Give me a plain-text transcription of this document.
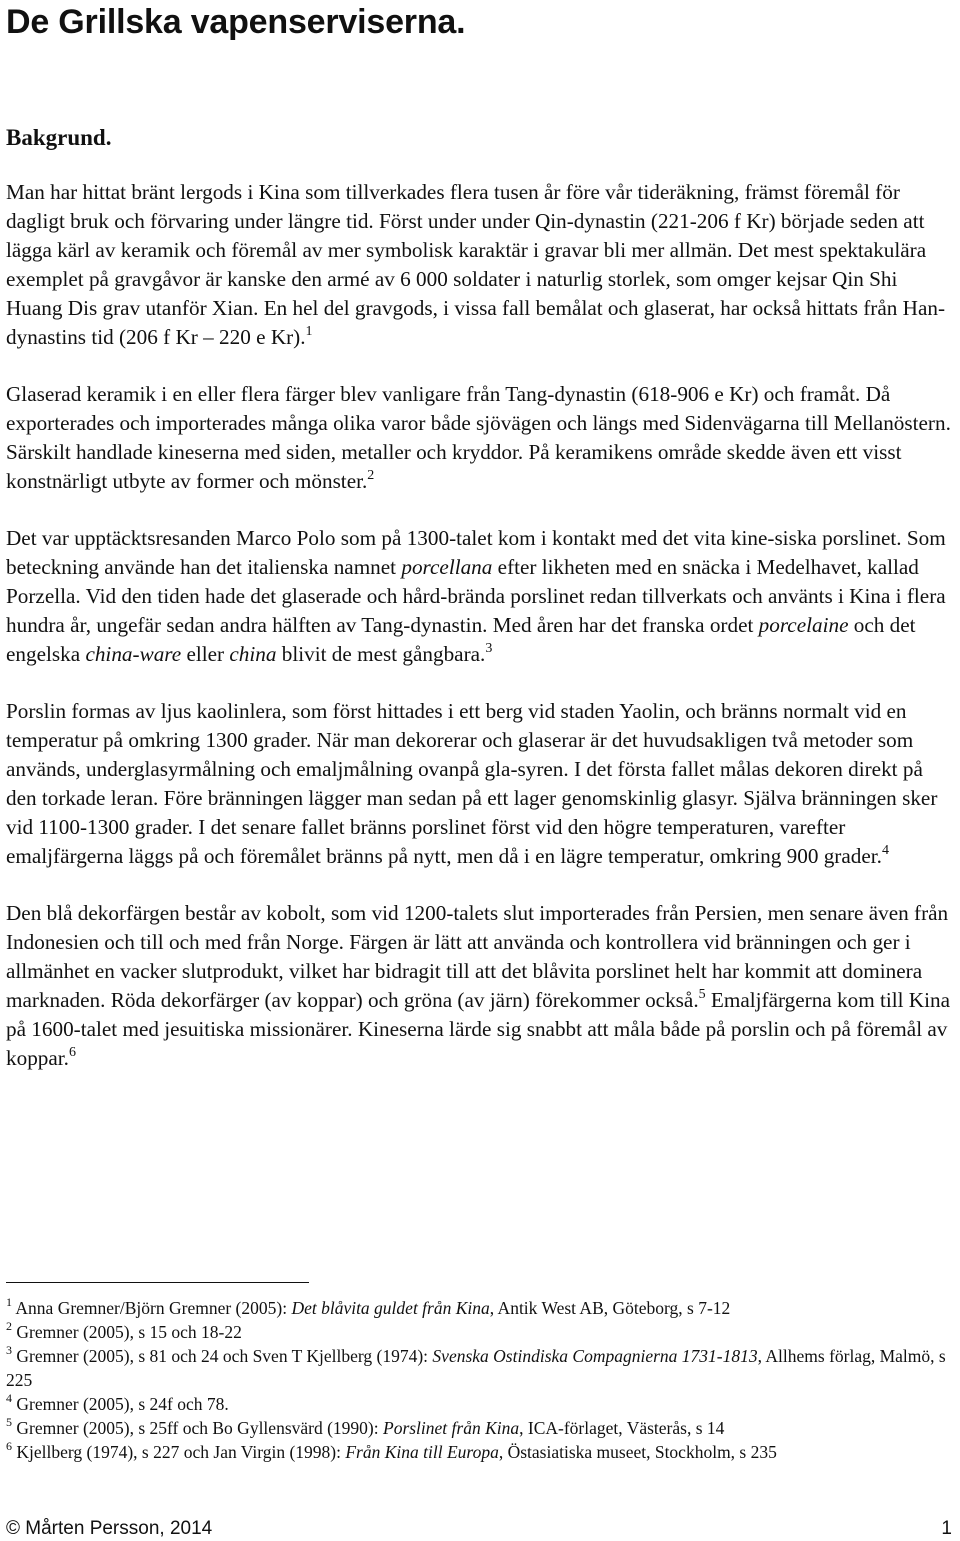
De Grillska vapenserviserna.
Bakgrund.

Man har hittat bränt lergods i Kina som tillverkades flera tusen år före vår tideräkning, främst föremål för dagligt bruk och förvaring under längre tid. Först under under Qin-dynastin (221-206 f Kr) började seden att lägga kärl av keramik och föremål av mer symbolisk karaktär i gravar bli mer allmän. Det mest spektakulära exemplet på gravgåvor är kanske den armé av 6 000 soldater i naturlig storlek, som omger kejsar Qin Shi Huang Dis grav utanför Xian. En hel del gravgods, i vissa fall bemålat och glaserat, har också hittats från Han-dynastins tid (206 f Kr – 220 e Kr).$^1$

Glaserad keramik i en eller flera färger blev vanligare från Tang-dynastin (618-906 e Kr) och framåt. Då exporterades och importerades många olika varor både sjövägen och längs med Sidenvägarna till Mellanöstern. Särskilt handlade kineserna med siden, metaller och kryddor. På keramikens område skedde även ett visst konstnärligt utbyte av former och mönster.$^2$

Det var upptäcktsresanden Marco Polo som på 1300-talet kom i kontakt med det vita kine-siska porslinet. Som beteckning använde han det italienska namnet porcellana efter likheten med en snäcka i Medelhavet, kallad Porzella. Vid den tiden hade det glaserade och hård-brända porslinet redan tillverkats och använts i Kina i flera hundra år, ungefär sedan andra hälften av Tang-dynastin. Med åren har det franska ordet porcelaine och det engelska china-ware eller china blivit de mest gångbara.$^3$

Porslin formas av ljus kaolinlera, som först hittades i ett berg vid staden Yaolin, och bränns normalt vid en temperatur på omkring 1300 grader. När man dekorerar och glaserar är det huvudsakligen två metoder som används, underglasyrmålning och emaljmålning ovanpå gla-syren. I det första fallet målas dekoren direkt på den torkade leran. Före bränningen lägger man sedan på ett lager genomskinlig glasyr. Själva bränningen sker vid 1100-1300 grader. I det senare fallet bränns porslinet först vid den högre temperaturen, varefter emaljfärgerna läggs på och föremålet bränns på nytt, men då i en lägre temperatur, omkring 900 grader.$^4$

Den blå dekorfärgen består av kobolt, som vid 1200-talets slut importerades från Persien, men senare även från Indonesien och till och med från Norge. Färgen är lätt att använda och kontrollera vid bränningen och ger i allmänhet en vacker slutprodukt, vilket har bidragit till att det blåvita porslinet helt har kommit att dominera marknaden. Röda dekorfärger (av koppar) och gröna (av järn) förekommer också.$^5$ Emaljfärgerna kom till Kina på 1600-talet med jesuitiska missionärer. Kineserna lärde sig snabbt att måla både på porslin och på föremål av koppar.$^6$

$^1$ Anna Gremner/Björn Gremner (2005): Det blåvita guldet från Kina, Antik West AB, Göteborg, s 7-12

$^2$ Gremner (2005), s 15 och 18-22

$^3$ Gremner (2005), s 81 och 24 och Sven T Kjellberg (1974): Svenska Ostindiska Compagnierna 1731-1813, Allhems förlag, Malmö, s 225

$^4$ Gremner (2005), s 24f och 78.

$^5$ Gremner (2005), s 25ff och Bo Gyllensvärd (1990): Porslinet från Kina, ICA-förlaget, Västerås, s 14

$^6$ Kjellberg (1974), s 227 och Jan Virgin (1998): Från Kina till Europa, Östasiatiska museet, Stockholm, s 235

© Mårten Persson, 2014	1
